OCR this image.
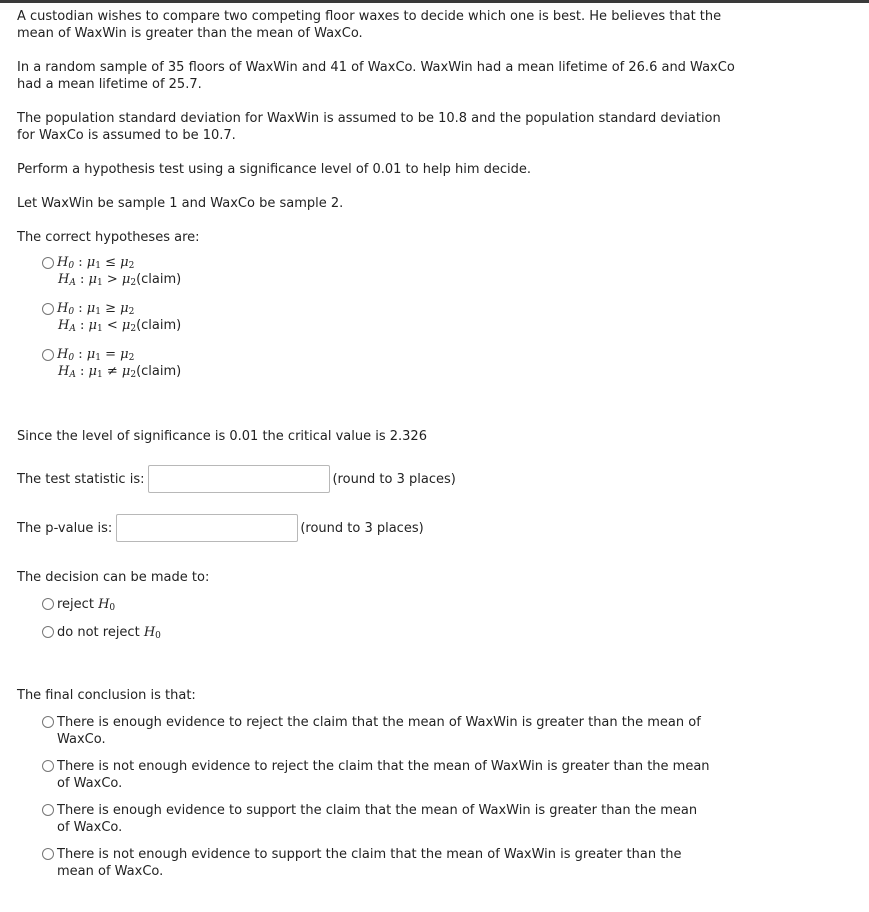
A custodian wishes to compare two competing floor waxes to decide which one is best. He believes that the mean of WaxWin is greater than the mean of WaxCo.

In a random sample of 35 floors of WaxWin and 41 of WaxCo. WaxWin had a mean lifetime of 26.6 and WaxCo had a mean lifetime of 25.7.

The population standard deviation for WaxWin is assumed to be 10.8 and the population standard deviation for WaxCo is assumed to be 10.7.

Perform a hypothesis test using a significance level of 0.01 to help him decide.

Let WaxWin be sample 1 and WaxCo be sample 2.

The correct hypotheses are:

$H_0$ : $\mu_1 \le \mu_2$
$H_A$ : $\mu_1 > \mu_2$ (claim)
$H_0$ : $\mu_1 \ge \mu_2$
$H_A$ : $\mu_1 < \mu_2$ (claim)
$H_0$ : $\mu_1 = \mu_2$
$H_A$ : $\mu_1 \ne \mu_2$ (claim)

Since the level of significance is 0.01 the critical value is 2.326

The test statistic is:	(round to 3 places)
The p-value is:	(round to 3 places)

The decision can be made to:

reject $H_0$
do not reject $H_0$

The final conclusion is that:

There is enough evidence to reject the claim that the mean of WaxWin is greater than the mean of WaxCo.
There is not enough evidence to reject the claim that the mean of WaxWin is greater than the mean of WaxCo.
There is enough evidence to support the claim that the mean of WaxWin is greater than the mean of WaxCo.
There is not enough evidence to support the claim that the mean of WaxWin is greater than the mean of WaxCo.
